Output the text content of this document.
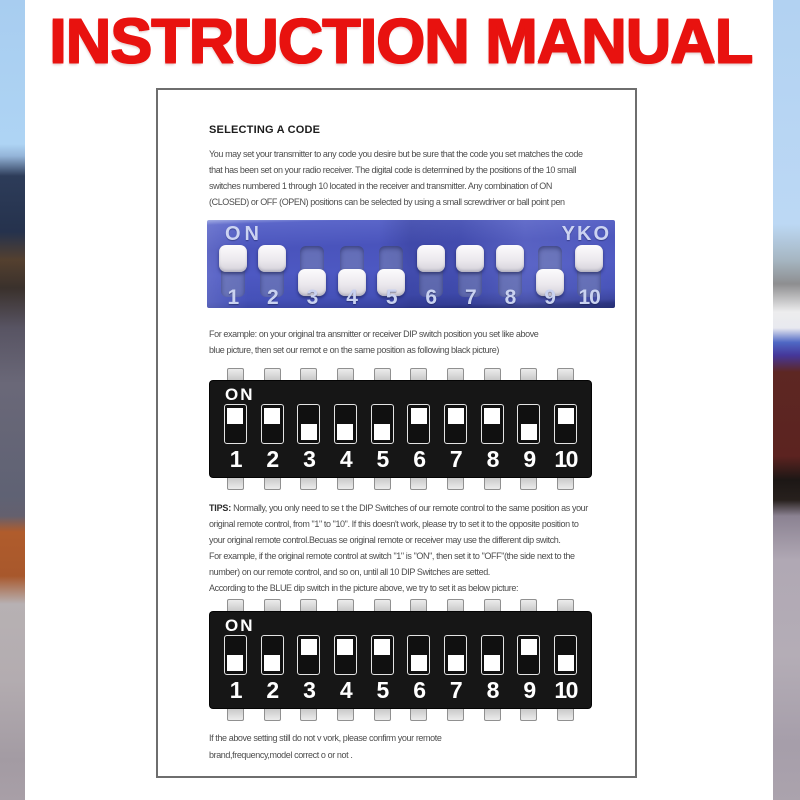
INSTRUCTION MANUAL
SELECTING A CODE
You may set your transmitter to any code you desire but be sure that the code you set matches the code
that has been set on your radio receiver. The digital code is determined by the positions of the 10 small
switches numbered 1 through 10 located in the receiver and transmitter. Any combination of ON
(CLOSED) or OFF (OPEN) positions can be selected by using a small screwdriver or ball point pen
ON	YKO
1	2	3	4	5	6	7	8	9	10
For example: on your original tra ansmitter or receiver DIP switch position you set like above
blue picture, then set our remot e on the same position as following black picture)
ON
1 2 3 4 5 6 7 8 9 10
TIPS: Normally, you only need to se t the DIP Switches of our remote control to the same position as your
original remote control, from "1" to "10". If this doesn't work, please try to set it to the opposite position to
your original remote control.Becuas se original remote or receiver may use the different dip switch.
For example, if the original remote control at switch "1" is "ON", then set it to "OFF"(the side next to the
number) on our remote control, and so on, until all 10 DIP Switches are setted.
According to the BLUE dip switch in the picture above, we try to set it as below picture:
ON
1 2 3 4 5 6 7 8 9 10
If the above setting still do not v vork, please confirm your remote
brand,frequency,model correct o or not .
